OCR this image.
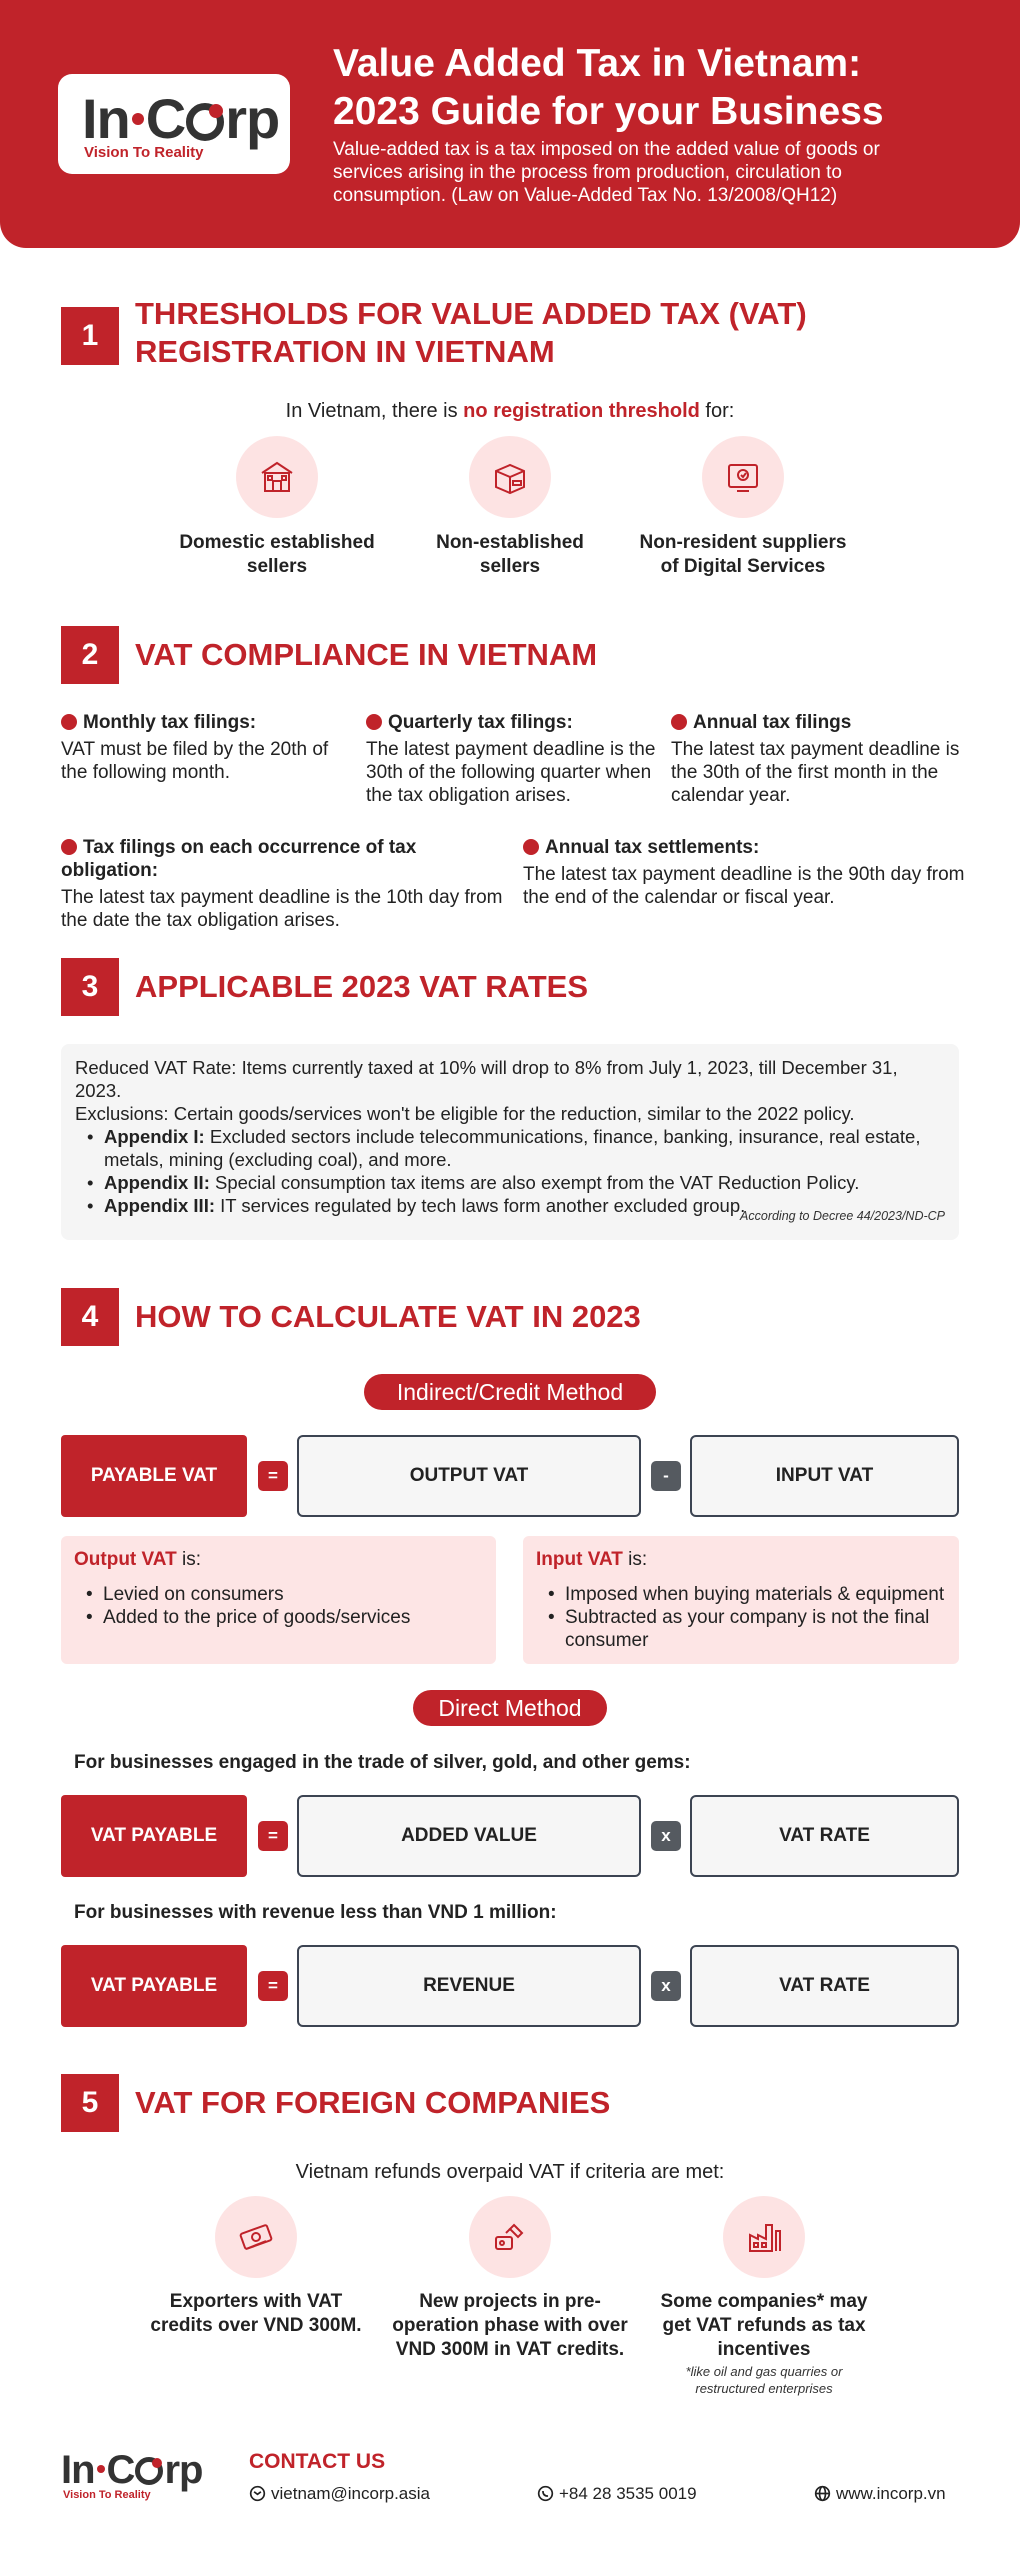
In C rp
Vision To Reality
Value Added Tax in Vietnam:
2023 Guide for your Business
Value-added tax is a tax imposed on the added value of goods or services arising in the process from production, circulation to consumption. (Law on Value-Added Tax No. 13/2008/QH12)
1
THRESHOLDS FOR VALUE ADDED TAX (VAT)
REGISTRATION IN VIETNAM
In Vietnam, there is no registration threshold for:
Domestic established
sellers
Non-established
sellers
Non-resident suppliers
of Digital Services
2	VAT COMPLIANCE IN VIETNAM
Monthly tax filings:
VAT must be filed by the 20th of the following month.
Quarterly tax filings:
The latest payment deadline is the 30th of the following quarter when the tax obligation arises.
Annual tax filings
The latest tax payment deadline is the 30th of the first month in the calendar year.
Tax filings on each occurrence of tax obligation:
The latest tax payment deadline is the 10th day from the date the tax obligation arises.
Annual tax settlements:
The latest tax payment deadline is the 90th day from the end of the calendar or fiscal year.
3	APPLICABLE 2023 VAT RATES
Reduced VAT Rate: Items currently taxed at 10% will drop to 8% from July 1, 2023, till December 31, 2023.
Exclusions: Certain goods/services won't be eligible for the reduction, similar to the 2022 policy.
• Appendix I: Excluded sectors include telecommunications, finance, banking, insurance, real estate, metals, mining (excluding coal), and more.
• Appendix II: Special consumption tax items are also exempt from the VAT Reduction Policy.
• Appendix III: IT services regulated by tech laws form another excluded group.
According to Decree 44/2023/ND-CP
4	HOW TO CALCULATE VAT IN 2023
Indirect/Credit Method
PAYABLE VAT	=	OUTPUT VAT	-	INPUT VAT
Output VAT is:
• Levied on consumers
• Added to the price of goods/services
Input VAT is:
• Imposed when buying materials & equipment
• Subtracted as your company is not the final consumer
Direct Method
For businesses engaged in the trade of silver, gold, and other gems:
VAT PAYABLE	=	ADDED VALUE	x	VAT RATE
For businesses with revenue less than VND 1 million:
VAT PAYABLE	=	REVENUE	x	VAT RATE
5	VAT FOR FOREIGN COMPANIES
Vietnam refunds overpaid VAT if criteria are met:
Exporters with VAT
credits over VND 300M.
New projects in pre-
operation phase with over
VND 300M in VAT credits.
Some companies* may
get VAT refunds as tax
incentives
*like oil and gas quarries or
restructured enterprises
In C rp
Vision To Reality
CONTACT US
vietnam@incorp.asia	+84 28 3535 0019	www.incorp.vn
